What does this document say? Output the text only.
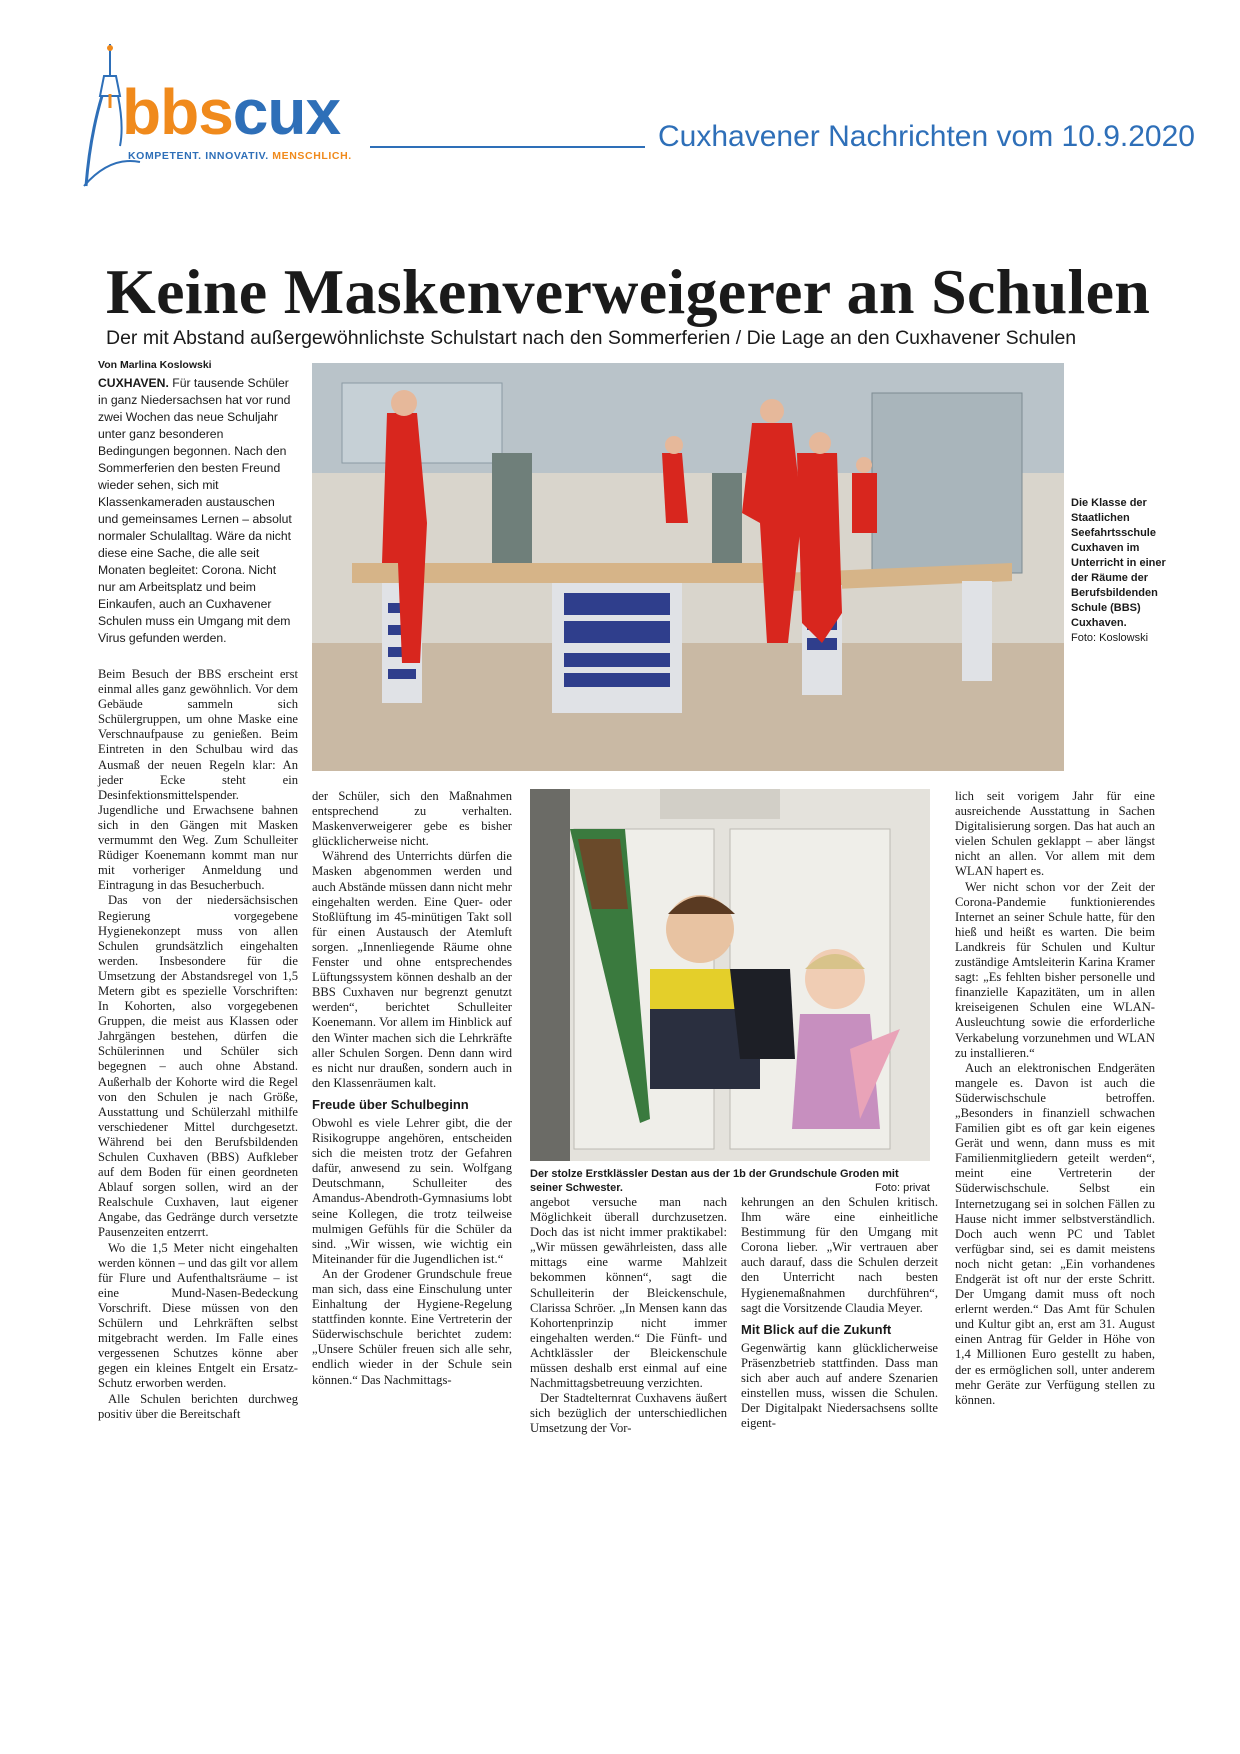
bbscux
KOMPETENT. INNOVATIV. MENSCHLICH.
Cuxhavener Nachrichten vom 10.9.2020
Keine Maskenverweigerer an Schulen
Der mit Abstand außergewöhnlichste Schulstart nach den Sommerferien / Die Lage an den Cuxhavener Schulen
Von Marlina Koslowski

CUXHAVEN. Für tausende Schüler in ganz Niedersachsen hat vor rund zwei Wochen das neue Schuljahr unter ganz besonderen Bedingungen begonnen. Nach den Sommerferien den besten Freund wieder sehen, sich mit Klassenkameraden austauschen und gemeinsames Lernen – absolut normaler Schulalltag. Wäre da nicht diese eine Sache, die alle seit Monaten begleitet: Corona. Nicht nur am Arbeitsplatz und beim Einkaufen, auch an Cuxhavener Schulen muss ein Umgang mit dem Virus gefunden werden.

Die Klasse der Staatlichen Seefahrtsschule Cuxhaven im Unterricht in einer der Räume der Berufsbildenden Schule (BBS) Cuxhaven.
Foto: Koslowski

Beim Besuch der BBS erscheint erst einmal alles ganz gewöhnlich. Vor dem Gebäude sammeln sich Schülergruppen, um ohne Maske eine Verschnaufpause zu genießen. Beim Eintreten in den Schulbau wird das Ausmaß der neuen Regeln klar: An jeder Ecke steht ein Desinfektionsmittelspender. Jugendliche und Erwachsene bahnen sich in den Gängen mit Masken vermummt den Weg. Zum Schulleiter Rüdiger Koenemann kommt man nur mit vorheriger Anmeldung und Eintragung in das Besucherbuch.

Das von der niedersächsischen Regierung vorgegebene Hygienekonzept muss von allen Schulen grundsätzlich eingehalten werden. Insbesondere für die Umsetzung der Abstandsregel von 1,5 Metern gibt es spezielle Vorschriften: In Kohorten, also vorgegebenen Gruppen, die meist aus Klassen oder Jahrgängen bestehen, dürfen die Schülerinnen und Schüler sich begegnen – auch ohne Abstand. Außerhalb der Kohorte wird die Regel von den Schulen je nach Größe, Ausstattung und Schülerzahl mithilfe verschiedener Mittel durchgesetzt. Während bei den Berufsbildenden Schulen Cuxhaven (BBS) Aufkleber auf dem Boden für einen geordneten Ablauf sorgen sollen, wird an der Realschule Cuxhaven, laut eigener Angabe, das Gedränge durch versetzte Pausenzeiten entzerrt.

Wo die 1,5 Meter nicht eingehalten werden können – und das gilt vor allem für Flure und Aufenthaltsräume – ist eine Mund-Nasen-Bedeckung Vorschrift. Diese müssen von den Schülern und Lehrkräften selbst mitgebracht werden. Im Falle eines vergessenen Schutzes könne aber gegen ein kleines Entgelt ein Ersatz-Schutz erworben werden.

Alle Schulen berichten durchweg positiv über die Bereitschaft

der Schüler, sich den Maßnahmen entsprechend zu verhalten. Maskenverweigerer gebe es bisher glücklicherweise nicht.

Während des Unterrichts dürfen die Masken abgenommen werden und auch Abstände müssen dann nicht mehr eingehalten werden. Eine Quer- oder Stoßlüftung im 45-minütigen Takt soll für einen Austausch der Atemluft sorgen. „Innenliegende Räume ohne Fenster und ohne entsprechendes Lüftungssystem können deshalb an der BBS Cuxhaven nur begrenzt genutzt werden“, berichtet Schulleiter Koenemann. Vor allem im Hinblick auf den Winter machen sich die Lehrkräfte aller Schulen Sorgen. Denn dann wird es nicht nur draußen, sondern auch in den Klassenräumen kalt.

Freude über Schulbeginn

Obwohl es viele Lehrer gibt, die der Risikogruppe angehören, entscheiden sich die meisten trotz der Gefahren dafür, anwesend zu sein. Wolfgang Deutschmann, Schulleiter des Amandus-Abendroth-Gymnasiums lobt seine Kollegen, die trotz teilweise mulmigen Gefühls für die Schüler da sind. „Wir wissen, wie wichtig ein Miteinander für die Jugendlichen ist.“

An der Grodener Grundschule freue man sich, dass eine Einschulung unter Einhaltung der Hygiene-Regelung stattfinden konnte. Eine Vertreterin der Süderwischschule berichtet zudem: „Unsere Schüler freuen sich alle sehr, endlich wieder in der Schule sein können.“ Das Nachmittags-

Der stolze Erstklässler Destan aus der 1b der Grundschule Groden mit seiner Schwester.	Foto: privat

angebot versuche man nach Möglichkeit überall durchzusetzen. Doch das ist nicht immer praktikabel: „Wir müssen gewährleisten, dass alle mittags eine warme Mahlzeit bekommen können“, sagt die Schulleiterin der Bleickenschule, Clarissa Schröer. „In Mensen kann das Kohortenprinzip nicht immer eingehalten werden.“ Die Fünft- und Achtklässler der Bleickenschule müssen deshalb erst einmal auf eine Nachmittagsbetreuung verzichten.

Der Stadtelternrat Cuxhavens äußert sich bezüglich der unterschiedlichen Umsetzung der Vor-

kehrungen an den Schulen kritisch. Ihm wäre eine einheitliche Bestimmung für den Umgang mit Corona lieber. „Wir vertrauen aber auch darauf, dass die Schulen derzeit den Unterricht nach besten Hygienemaßnahmen durchführen“, sagt die Vorsitzende Claudia Meyer.

Mit Blick auf die Zukunft

Gegenwärtig kann glücklicherweise Präsenzbetrieb stattfinden. Dass man sich aber auch auf andere Szenarien einstellen muss, wissen die Schulen. Der Digitalpakt Niedersachsens sollte eigent-

lich seit vorigem Jahr für eine ausreichende Ausstattung in Sachen Digitalisierung sorgen. Das hat auch an vielen Schulen geklappt – aber längst nicht an allen. Vor allem mit dem WLAN hapert es.

Wer nicht schon vor der Zeit der Corona-Pandemie funktionierendes Internet an seiner Schule hatte, für den hieß und heißt es warten. Die beim Landkreis für Schulen und Kultur zuständige Amtsleiterin Karina Kramer sagt: „Es fehlten bisher personelle und finanzielle Kapazitäten, um in allen kreiseigenen Schulen eine WLAN-Ausleuchtung sowie die erforderliche Verkabelung vorzunehmen und WLAN zu installieren.“

Auch an elektronischen Endgeräten mangele es. Davon ist auch die Süderwischschule betroffen. „Besonders in finanziell schwachen Familien gibt es oft gar kein eigenes Gerät und wenn, dann muss es mit Familienmitgliedern geteilt werden“, meint eine Vertreterin der Süderwischschule. Selbst ein Internetzugang sei in solchen Fällen zu Hause nicht immer selbstverständlich. Doch auch wenn PC und Tablet verfügbar sind, sei es damit meistens noch nicht getan: „Ein vorhandenes Endgerät ist oft nur der erste Schritt. Der Umgang damit muss oft noch erlernt werden.“ Das Amt für Schulen und Kultur gibt an, erst am 31. August einen Antrag für Gelder in Höhe von 1,4 Millionen Euro gestellt zu haben, der es ermöglichen soll, unter anderem mehr Geräte zur Verfügung stellen zu können.
